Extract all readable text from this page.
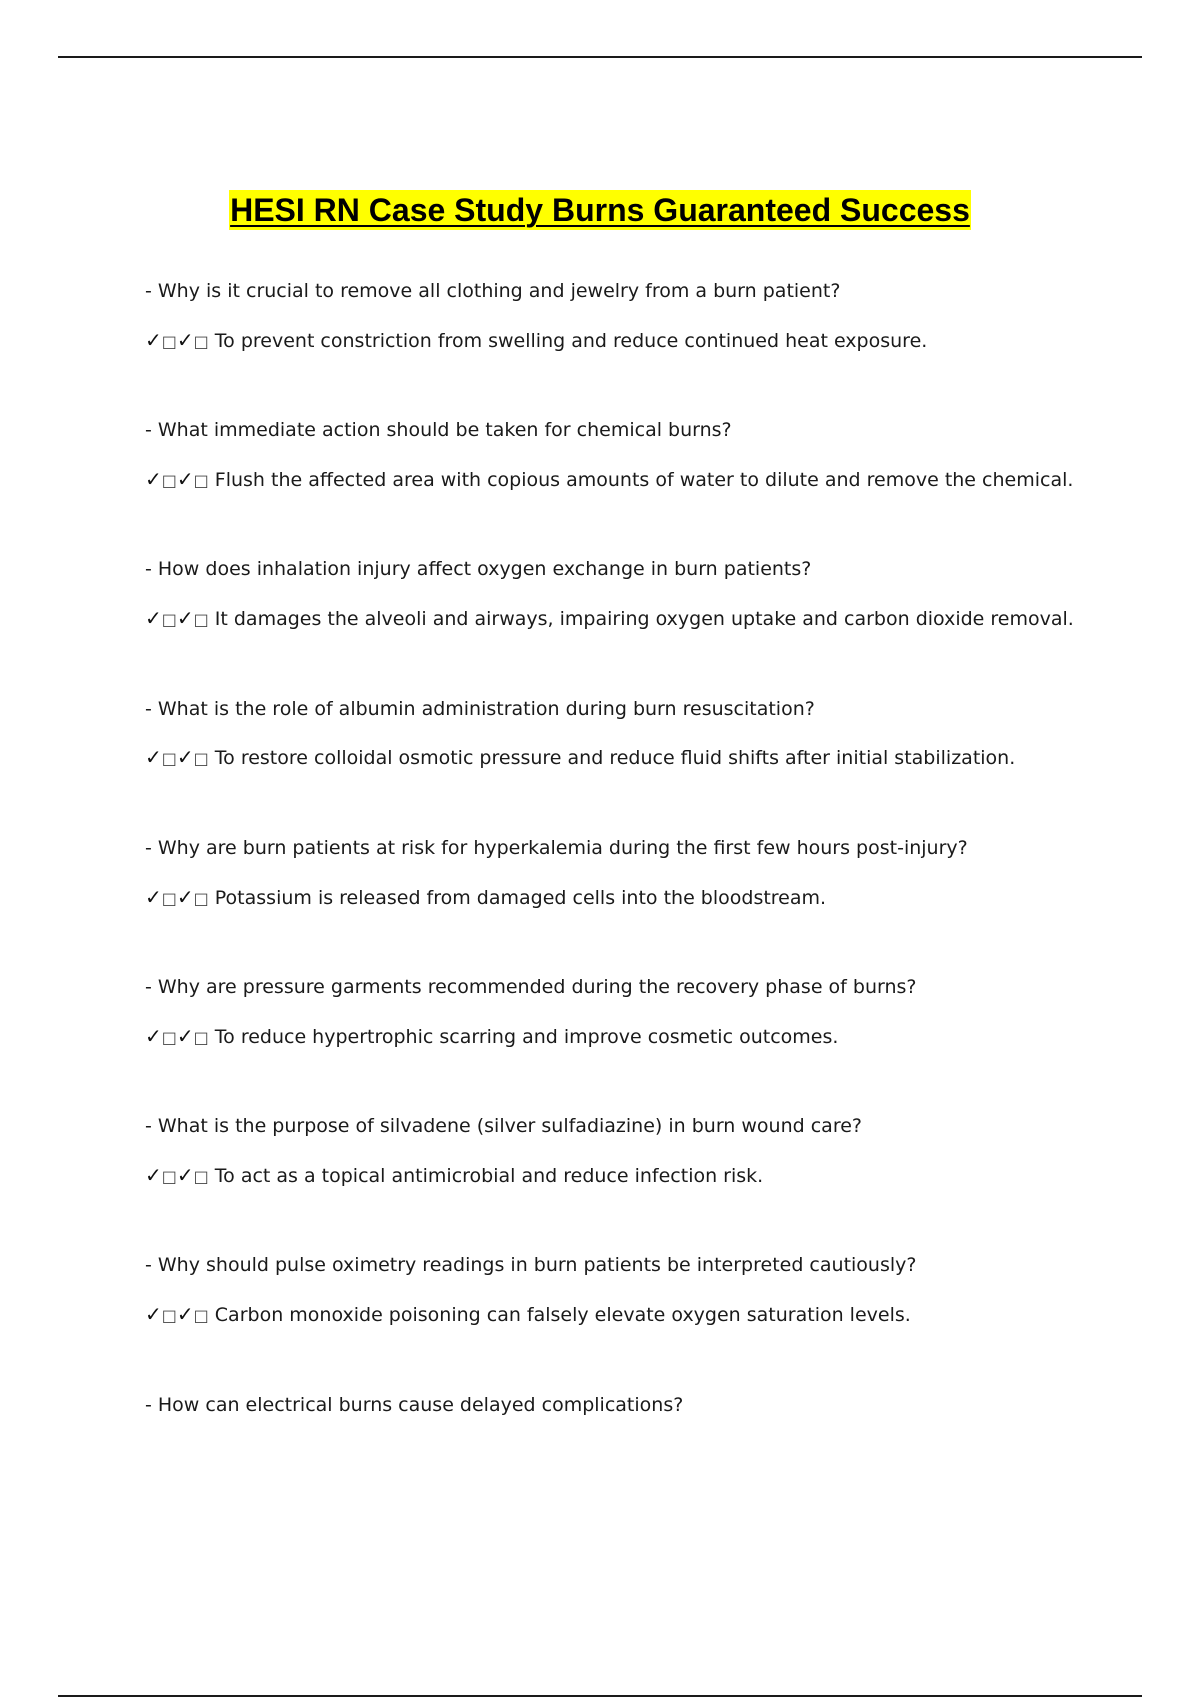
HESI RN Case Study Burns Guaranteed Success
- Why is it crucial to remove all clothing and jewelry from a burn patient?
✓□✓□ To prevent constriction from swelling and reduce continued heat exposure.
- What immediate action should be taken for chemical burns?
✓□✓□ Flush the affected area with copious amounts of water to dilute and remove the chemical.
- How does inhalation injury affect oxygen exchange in burn patients?
✓□✓□ It damages the alveoli and airways, impairing oxygen uptake and carbon dioxide removal.
- What is the role of albumin administration during burn resuscitation?
✓□✓□ To restore colloidal osmotic pressure and reduce fluid shifts after initial stabilization.
- Why are burn patients at risk for hyperkalemia during the first few hours post-injury?
✓□✓□ Potassium is released from damaged cells into the bloodstream.
- Why are pressure garments recommended during the recovery phase of burns?
✓□✓□ To reduce hypertrophic scarring and improve cosmetic outcomes.
- What is the purpose of silvadene (silver sulfadiazine) in burn wound care?
✓□✓□ To act as a topical antimicrobial and reduce infection risk.
- Why should pulse oximetry readings in burn patients be interpreted cautiously?
✓□✓□ Carbon monoxide poisoning can falsely elevate oxygen saturation levels.
- How can electrical burns cause delayed complications?
